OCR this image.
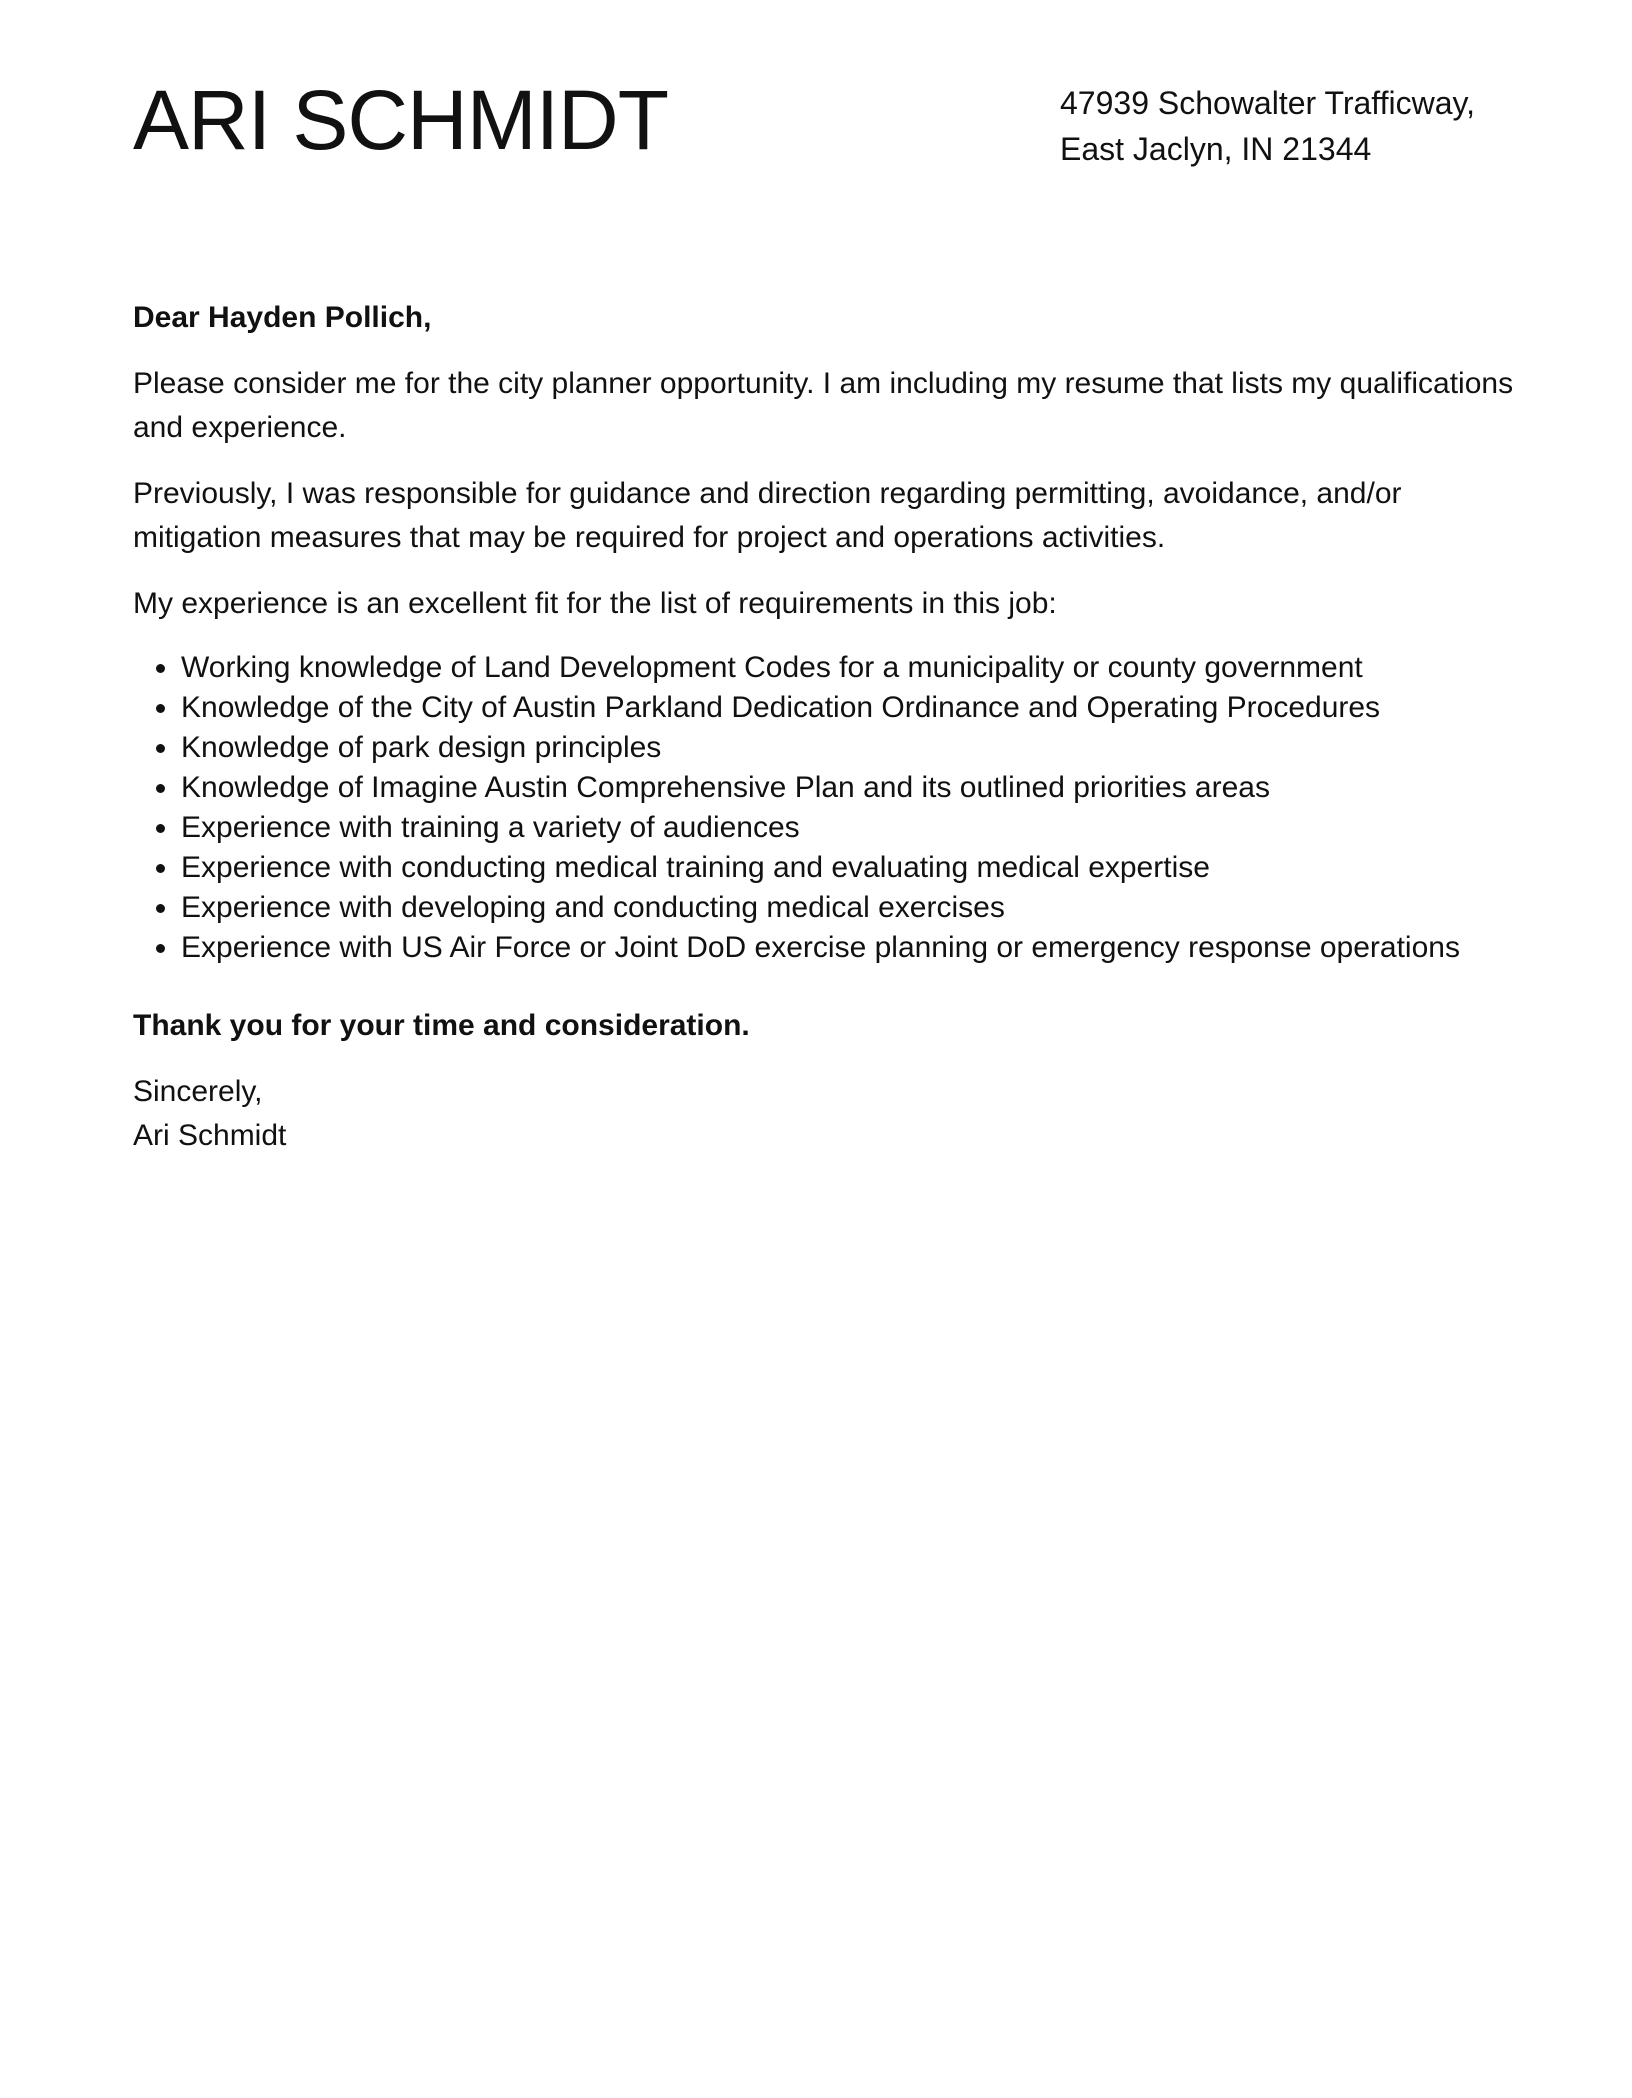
ARI SCHMIDT	47939 Schowalter Trafficway,
East Jaclyn, IN 21344

Dear Hayden Pollich,

Please consider me for the city planner opportunity. I am including my resume that lists my qualifications and experience.

Previously, I was responsible for guidance and direction regarding permitting, avoidance, and/or mitigation measures that may be required for project and operations activities.

My experience is an excellent fit for the list of requirements in this job:

Working knowledge of Land Development Codes for a municipality or county government
Knowledge of the City of Austin Parkland Dedication Ordinance and Operating Procedures
Knowledge of park design principles
Knowledge of Imagine Austin Comprehensive Plan and its outlined priorities areas
Experience with training a variety of audiences
Experience with conducting medical training and evaluating medical expertise
Experience with developing and conducting medical exercises
Experience with US Air Force or Joint DoD exercise planning or emergency response operations

Thank you for your time and consideration.

Sincerely,
Ari Schmidt
